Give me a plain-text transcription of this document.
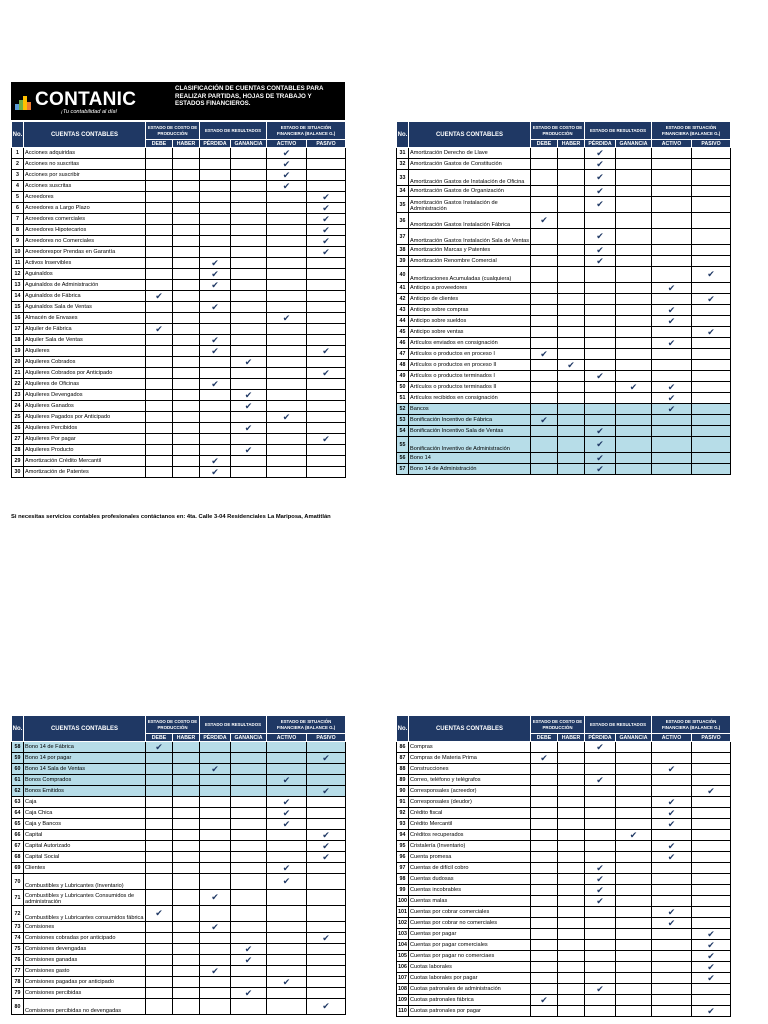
CONTANIC
¡Tu contabilidad al día!
CLASIFICACIÓN DE CUENTAS CONTABLES PARA REALIZAR PARTIDAS, HOJAS DE TRABAJO Y ESTADOS FINANCIEROS.
No.	CUENTAS CONTABLES	ESTADO DE COSTO DE PRODUCCIÓN		ESTADO DE RESULTADOS		ESTADO DE SITUACIÓN FINANCIERA (BALANCE G.)	
		DEBE	HABER	PÉRDIDA	GANANCIA	ACTIVO	PASIVO
1	Acciones adquiridas					✔	
2	Acciones no suscritas					✔	
3	Acciones por suscribir					✔	
4	Acciones suscritas					✔	
5	Acreedores						✔
6	Acreedores a Largo Plazo						✔
7	Acreedores comerciales						✔
8	Acreedores Hipotecarios						✔
9	Acreedores no Comerciales						✔
10	Acreedorespor Prendas en Garantía						✔
11	Activos Inservibles			✔			
12	Aguinaldos			✔			
13	Aguinaldos de Administración			✔			
14	Aguinaldos de Fábrica	✔					
15	Aguinaldos Sala de Ventas			✔			
16	Almacén de Envases					✔	
17	Alquiler de Fábrica	✔					
18	Alquiler Sala de Ventas			✔			
19	Alquileres			✔			✔
20	Alquileres Cobrados				✔		
21	Alquileres Cobrados por Anticipado						✔
22	Alquileres de Oficinas			✔			
23	Alquileres Devengados				✔		
24	Alquileres Ganados				✔		
25	Alquileres Pagados por Anticipado					✔	
26	Alquileres Percibidos				✔		
27	Alquileres Por pagar						✔
28	Alquileres Producto				✔		
29	Amortización Crédito Mercantil			✔			
30	Amortización de Patentes			✔			
No.	CUENTAS CONTABLES	ESTADO DE COSTO DE PRODUCCIÓN		ESTADO DE RESULTADOS		ESTADO DE SITUACIÓN FINANCIERA (BALANCE G.)	
		DEBE	HABER	PÉRDIDA	GANANCIA	ACTIVO	PASIVO
31	Amortización Derecho de Llave			✔			
32	Amortización Gastos de Constitución			✔			
33	Amortización Gastos de Instalación de Oficina			✔			
34	Amortización Gastos de Organización			✔			
35	Amortización Gastos Instalación de Administración			✔			
36	Amortización Gastos Instalación Fábrica	✔					
37	Amortización Gastos Instalación Sala de Ventas			✔			
38	Amortización Marcas y Patentes			✔			
39	Amortización Renombre Comercial			✔			
40	Amortizaciones Acumuladas (cualquiera)						✔
41	Anticipo a proveedores					✔	
42	Anticipo de clientes						✔
43	Anticipo sobre compras					✔	
44	Anticipo sobre sueldos					✔	
45	Anticipo sobre ventas						✔
46	Artículos enviados en consignación					✔	
47	Artículos o productos en proceso I	✔					
48	Artículos o productos en proceso II		✔				
49	Artículos o productos terminados I			✔			
50	Artículos o productos terminados II				✔	✔	
51	Artículos recibidos en consignación					✔	
52	Bancos					✔	
53	Bonificación Incentivo de Fábrica	✔					
54	Bonificación Incentivo Sala de Ventas			✔			
55	Bonificación Inventivo de Administración			✔			
56	Bono 14			✔			
57	Bono 14 de Administración			✔			
No.	CUENTAS CONTABLES	ESTADO DE COSTO DE PRODUCCIÓN		ESTADO DE RESULTADOS		ESTADO DE SITUACIÓN FINANCIERA (BALANCE G.)	
		DEBE	HABER	PÉRDIDA	GANANCIA	ACTIVO	PASIVO
58	Bono 14 de Fábrica	✔					
59	Bono 14 por pagar						✔
60	Bono 14 Sala de Ventas			✔			
61	Bonos Comprados					✔	
62	Bonos Emitidos						✔
63	Caja					✔	
64	Caja Chica					✔	
65	Caja y Bancos					✔	
66	Capital						✔
67	Capital Autorizado						✔
68	Capital Social						✔
69	Clientes					✔	
70	Combustibles y Lubricantes (Inventario)					✔	
71	Combustibles y Lubricantes Consumidos de administración			✔			
72	Combustibles y Lubricantes consumidos fábrica	✔					
73	Comisiones			✔			
74	Comisiones cobradas por anticipado						✔
75	Comisiones devengadas				✔		
76	Comisiones ganadas				✔		
77	Comisiones gasto			✔			
78	Comisiones pagadas por anticipado					✔	
79	Comisiones percibidas				✔		
80	Comisiones percibidas no devengadas						✔
No.	CUENTAS CONTABLES	ESTADO DE COSTO DE PRODUCCIÓN		ESTADO DE RESULTADOS		ESTADO DE SITUACIÓN FINANCIERA (BALANCE G.)	
		DEBE	HABER	PÉRDIDA	GANANCIA	ACTIVO	PASIVO
86	Compras			✔			
87	Compras de Materia Prima	✔					
88	Construcciones					✔	
89	Correo, teléfono y telégrafos			✔			
90	Corresponsales (acreedor)						✔
91	Corresponsales (deudor)					✔	
92	Crédito fiscal					✔	
93	Crédito Mercantil					✔	
94	Créditos recuperados				✔		
95	Cristalería (Inventario)					✔	
96	Cuenta promesa					✔	
97	Cuentas de difícil cobro			✔			
98	Cuentas dudosas			✔			
99	Cuentas incobrables			✔			
100	Cuentas malas			✔			
101	Cuentas por cobrar comerciales					✔	
102	Cuentas por cobrar no comerciales					✔	
103	Cuentas por pagar						✔
104	Cuentas por pagar comerciales						✔
105	Cuentas por pagar no comerciaes						✔
106	Cuotas laborales						✔
107	Cuotas laborales por pagar						✔
108	Cuotas patronales de administración			✔			
109	Cuotas patronales fábrica	✔					
110	Cuotas patronales por pagar						✔
Si necesitas servicios contables profesionales contáctanos en: 4ta. Calle 3-04 Residenciales La Mariposa, Amatitlán
